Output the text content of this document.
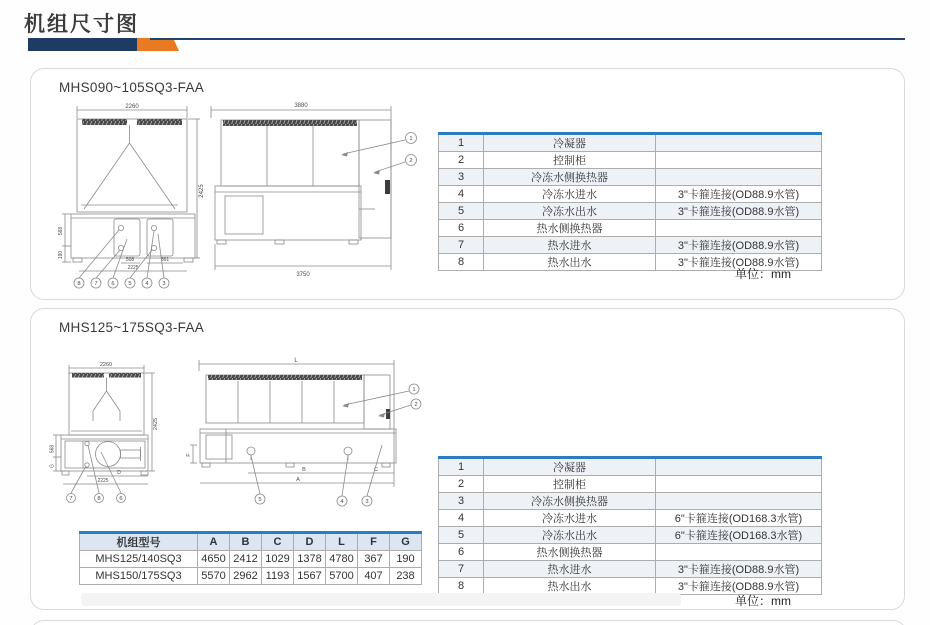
机组尺寸图
MHS090~105SQ3-FAA
2260
2425
568
190
508	861
2225
8 7 6 5 4 3
3880
3750
1
2
1	冷凝器	
2	控制柜	
3	冷冻水侧换热器	
4	冷冻水进水	3"卡箍连接(OD88.9水管)
5	冷冻水出水	3"卡箍连接(OD88.9水管)
6	热水侧换热器	
7	热水进水	3"卡箍连接(OD88.9水管)
8	热水出水	3"卡箍连接(OD88.9水管)
单位：mm
MHS125~175SQ3-FAA
2260
2425
568
G
D
2225
7	8	6
L
F
B	C
A
1
2
5	4	3
机组型号	A	B	C	D	L	F	G
MHS125/140SQ3	4650	2412	1029	1378	4780	367	190
MHS150/175SQ3	5570	2962	1193	1567	5700	407	238
1	冷凝器	
2	控制柜	
3	冷冻水侧换热器	
4	冷冻水进水	6"卡箍连接(OD168.3水管)
5	冷冻水出水	6"卡箍连接(OD168.3水管)
6	热水侧换热器	
7	热水进水	3"卡箍连接(OD88.9水管)
8	热水出水	3"卡箍连接(OD88.9水管)
单位：mm
